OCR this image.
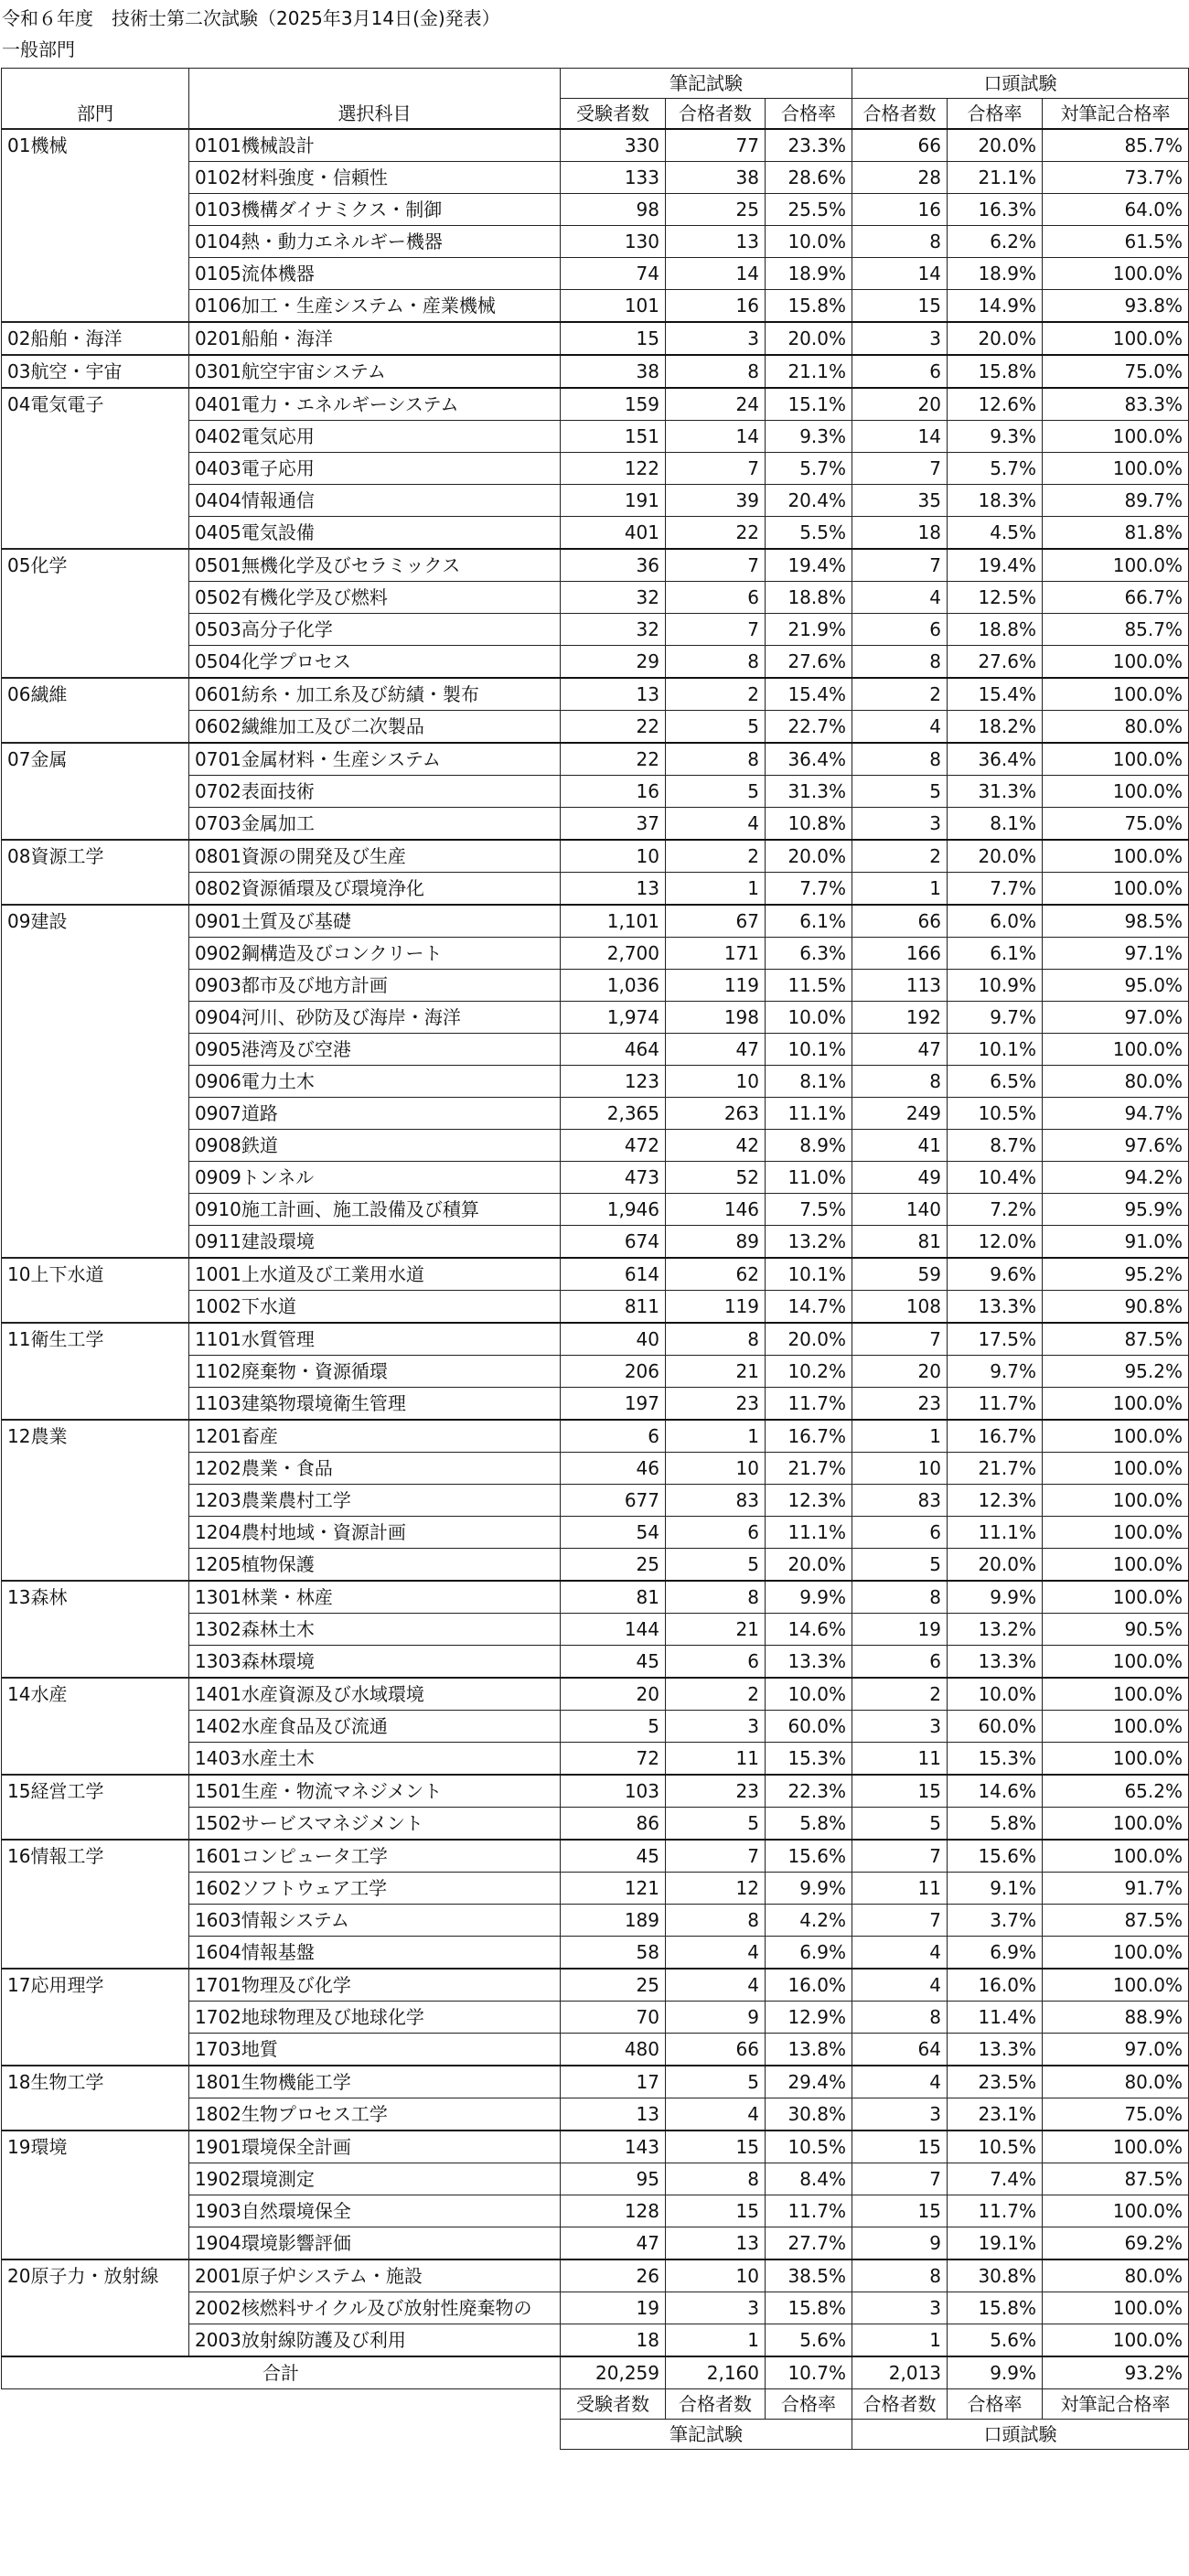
令和６年度　技術士第二次試験（2025年3月14日(金)発表）
一般部門
		筆記試験			口頭試験		
部門	選択科目	受験者数	合格者数	合格率	合格者数	合格率	対筆記合格率
01機械	0101機械設計	330	77	23.3%	66	20.0%	85.7%
	0102材料強度・信頼性	133	38	28.6%	28	21.1%	73.7%
	0103機構ダイナミクス・制御	98	25	25.5%	16	16.3%	64.0%
	0104熱・動力エネルギー機器	130	13	10.0%	8	6.2%	61.5%
	0105流体機器	74	14	18.9%	14	18.9%	100.0%
	0106加工・生産システム・産業機械	101	16	15.8%	15	14.9%	93.8%
02船舶・海洋	0201船舶・海洋	15	3	20.0%	3	20.0%	100.0%
03航空・宇宙	0301航空宇宙システム	38	8	21.1%	6	15.8%	75.0%
04電気電子	0401電力・エネルギーシステム	159	24	15.1%	20	12.6%	83.3%
	0402電気応用	151	14	9.3%	14	9.3%	100.0%
	0403電子応用	122	7	5.7%	7	5.7%	100.0%
	0404情報通信	191	39	20.4%	35	18.3%	89.7%
	0405電気設備	401	22	5.5%	18	4.5%	81.8%
05化学	0501無機化学及びセラミックス	36	7	19.4%	7	19.4%	100.0%
	0502有機化学及び燃料	32	6	18.8%	4	12.5%	66.7%
	0503高分子化学	32	7	21.9%	6	18.8%	85.7%
	0504化学プロセス	29	8	27.6%	8	27.6%	100.0%
06繊維	0601紡糸・加工糸及び紡績・製布	13	2	15.4%	2	15.4%	100.0%
	0602繊維加工及び二次製品	22	5	22.7%	4	18.2%	80.0%
07金属	0701金属材料・生産システム	22	8	36.4%	8	36.4%	100.0%
	0702表面技術	16	5	31.3%	5	31.3%	100.0%
	0703金属加工	37	4	10.8%	3	8.1%	75.0%
08資源工学	0801資源の開発及び生産	10	2	20.0%	2	20.0%	100.0%
	0802資源循環及び環境浄化	13	1	7.7%	1	7.7%	100.0%
09建設	0901土質及び基礎	1,101	67	6.1%	66	6.0%	98.5%
	0902鋼構造及びコンクリート	2,700	171	6.3%	166	6.1%	97.1%
	0903都市及び地方計画	1,036	119	11.5%	113	10.9%	95.0%
	0904河川、砂防及び海岸・海洋	1,974	198	10.0%	192	9.7%	97.0%
	0905港湾及び空港	464	47	10.1%	47	10.1%	100.0%
	0906電力土木	123	10	8.1%	8	6.5%	80.0%
	0907道路	2,365	263	11.1%	249	10.5%	94.7%
	0908鉄道	472	42	8.9%	41	8.7%	97.6%
	0909トンネル	473	52	11.0%	49	10.4%	94.2%
	0910施工計画、施工設備及び積算	1,946	146	7.5%	140	7.2%	95.9%
	0911建設環境	674	89	13.2%	81	12.0%	91.0%
10上下水道	1001上水道及び工業用水道	614	62	10.1%	59	9.6%	95.2%
	1002下水道	811	119	14.7%	108	13.3%	90.8%
11衛生工学	1101水質管理	40	8	20.0%	7	17.5%	87.5%
	1102廃棄物・資源循環	206	21	10.2%	20	9.7%	95.2%
	1103建築物環境衛生管理	197	23	11.7%	23	11.7%	100.0%
12農業	1201畜産	6	1	16.7%	1	16.7%	100.0%
	1202農業・食品	46	10	21.7%	10	21.7%	100.0%
	1203農業農村工学	677	83	12.3%	83	12.3%	100.0%
	1204農村地域・資源計画	54	6	11.1%	6	11.1%	100.0%
	1205植物保護	25	5	20.0%	5	20.0%	100.0%
13森林	1301林業・林産	81	8	9.9%	8	9.9%	100.0%
	1302森林土木	144	21	14.6%	19	13.2%	90.5%
	1303森林環境	45	6	13.3%	6	13.3%	100.0%
14水産	1401水産資源及び水域環境	20	2	10.0%	2	10.0%	100.0%
	1402水産食品及び流通	5	3	60.0%	3	60.0%	100.0%
	1403水産土木	72	11	15.3%	11	15.3%	100.0%
15経営工学	1501生産・物流マネジメント	103	23	22.3%	15	14.6%	65.2%
	1502サービスマネジメント	86	5	5.8%	5	5.8%	100.0%
16情報工学	1601コンピュータ工学	45	7	15.6%	7	15.6%	100.0%
	1602ソフトウェア工学	121	12	9.9%	11	9.1%	91.7%
	1603情報システム	189	8	4.2%	7	3.7%	87.5%
	1604情報基盤	58	4	6.9%	4	6.9%	100.0%
17応用理学	1701物理及び化学	25	4	16.0%	4	16.0%	100.0%
	1702地球物理及び地球化学	70	9	12.9%	8	11.4%	88.9%
	1703地質	480	66	13.8%	64	13.3%	97.0%
18生物工学	1801生物機能工学	17	5	29.4%	4	23.5%	80.0%
	1802生物プロセス工学	13	4	30.8%	3	23.1%	75.0%
19環境	1901環境保全計画	143	15	10.5%	15	10.5%	100.0%
	1902環境測定	95	8	8.4%	7	7.4%	87.5%
	1903自然環境保全	128	15	11.7%	15	11.7%	100.0%
	1904環境影響評価	47	13	27.7%	9	19.1%	69.2%
20原子力・放射線	2001原子炉システム・施設	26	10	38.5%	8	30.8%	80.0%
	2002核燃料サイクル及び放射性廃棄物の	19	3	15.8%	3	15.8%	100.0%
	2003放射線防護及び利用	18	1	5.6%	1	5.6%	100.0%
合計		20,259	2,160	10.7%	2,013	9.9%	93.2%
		受験者数	合格者数	合格率	合格者数	合格率	対筆記合格率
		筆記試験			口頭試験		
